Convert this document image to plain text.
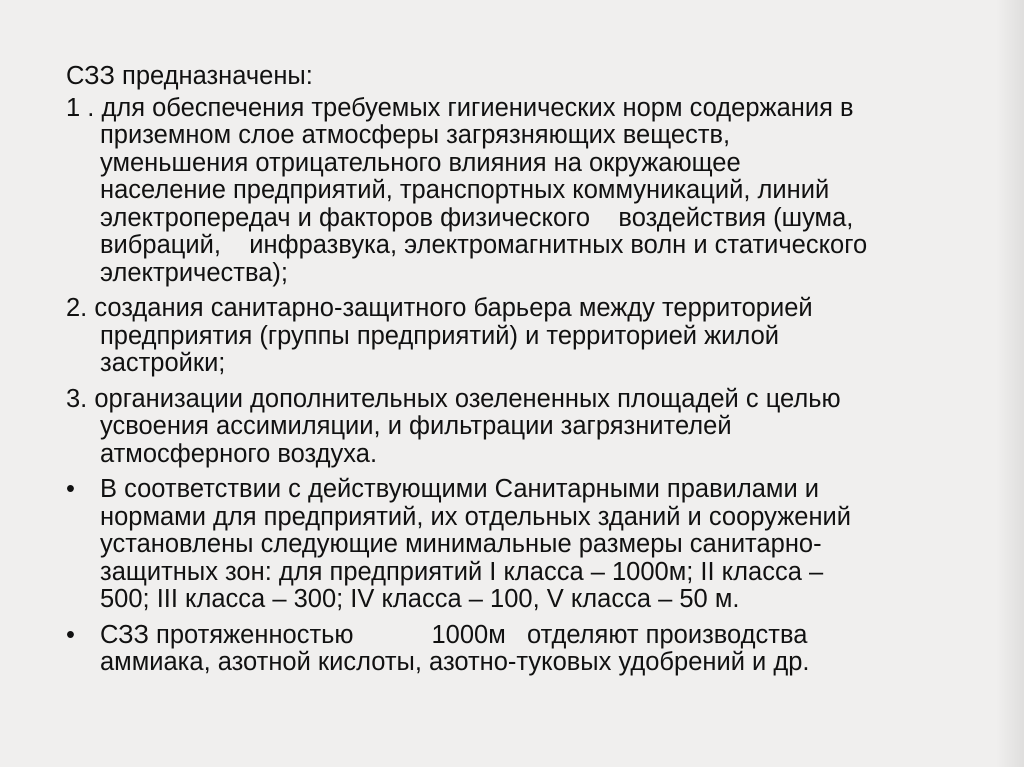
СЗЗ предназначены:
1 . для обеспечения требуемых гигиенических норм содержания в
приземном слое атмосферы загрязняющих веществ,
уменьшения отрицательного влияния на окружающее
население предприятий, транспортных коммуникаций, линий
электропередач и факторов физического    воздействия (шума,
вибраций,    инфразвука, электромагнитных волн и статического
электричества);
2. создания санитарно-защитного барьера между территорией
предприятия (группы предприятий) и территорией жилой
застройки;
3. организации дополнительных озелененных площадей с целью
усвоения ассимиляции, и фильтрации загрязнителей
атмосферного воздуха.
• В соответствии с действующими Санитарными правилами и
нормами для предприятий, их отдельных зданий и сооружений
установлены следующие минимальные размеры санитарно-
защитных зон: для предприятий I класса – 1000м; II класса –
500; III класса – 300; IV класса – 100, V класса – 50 м.
• СЗЗ протяженностью           1000м   отделяют производства
аммиака, азотной кислоты, азотно-туковых удобрений и др.
